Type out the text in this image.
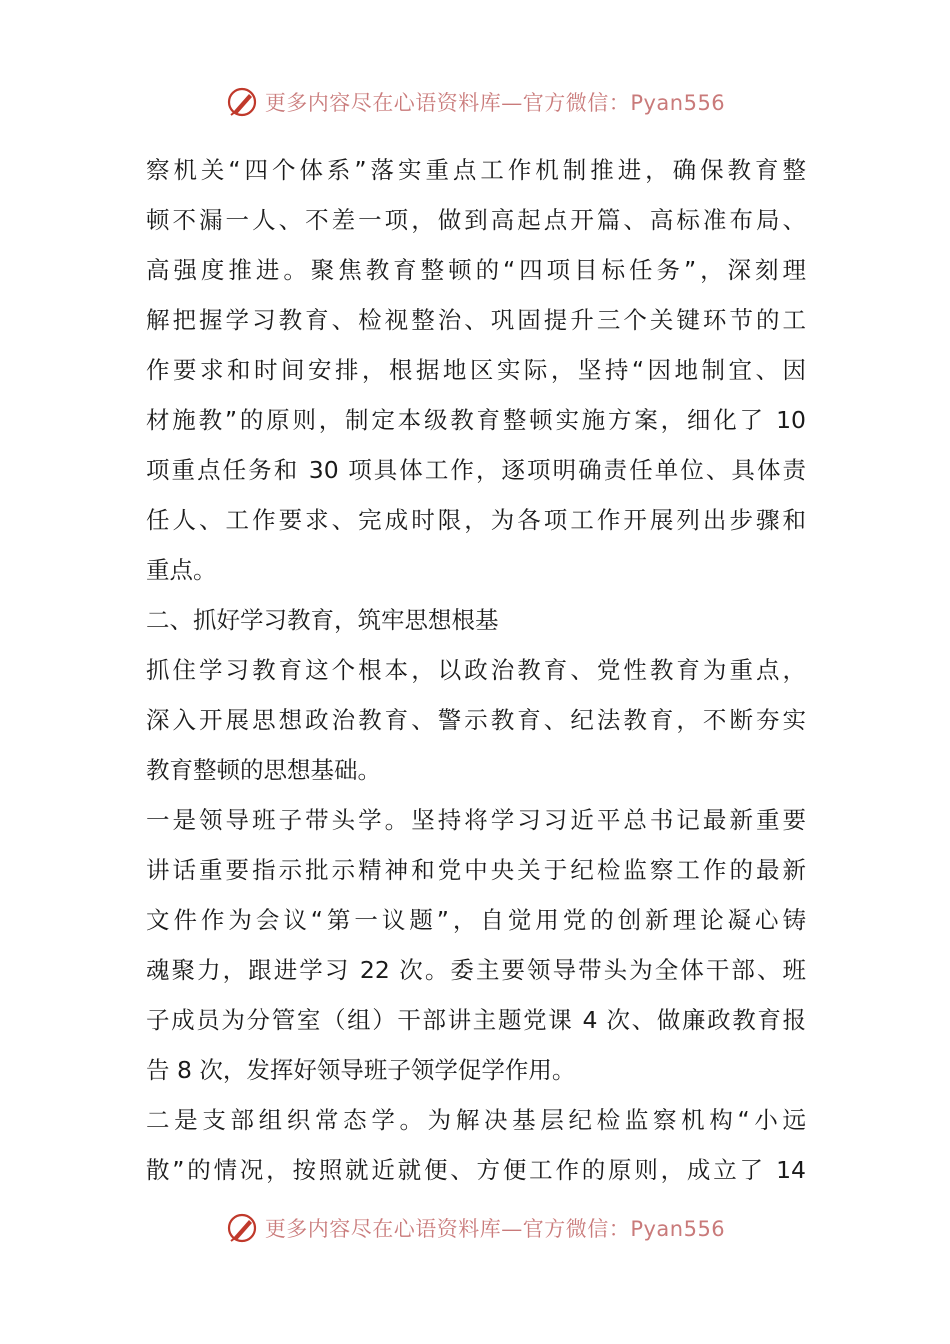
更多内容尽在心语资料库—官方微信：Pyan556
察机关“四个体系”落实重点工作机制推进，确保教育整
顿不漏一人、不差一项，做到高起点开篇、高标准布局、
高强度推进。聚焦教育整顿的“四项目标任务”，深刻理
解把握学习教育、检视整治、巩固提升三个关键环节的工
作要求和时间安排，根据地区实际，坚持“因地制宜、因
材施教”的原则，制定本级教育整顿实施方案，细化了 10
项重点任务和 30 项具体工作，逐项明确责任单位、具体责
任人、工作要求、完成时限，为各项工作开展列出步骤和
重点。
二、抓好学习教育，筑牢思想根基
抓住学习教育这个根本，以政治教育、党性教育为重点，
深入开展思想政治教育、警示教育、纪法教育，不断夯实
教育整顿的思想基础。
一是领导班子带头学。坚持将学习习近平总书记最新重要
讲话重要指示批示精神和党中央关于纪检监察工作的最新
文件作为会议“第一议题”，自觉用党的创新理论凝心铸
魂聚力，跟进学习 22 次。委主要领导带头为全体干部、班
子成员为分管室（组）干部讲主题党课 4 次、做廉政教育报
告 8 次，发挥好领导班子领学促学作用。
二是支部组织常态学。为解决基层纪检监察机构“小远
散”的情况，按照就近就便、方便工作的原则，成立了 14
更多内容尽在心语资料库—官方微信：Pyan556
